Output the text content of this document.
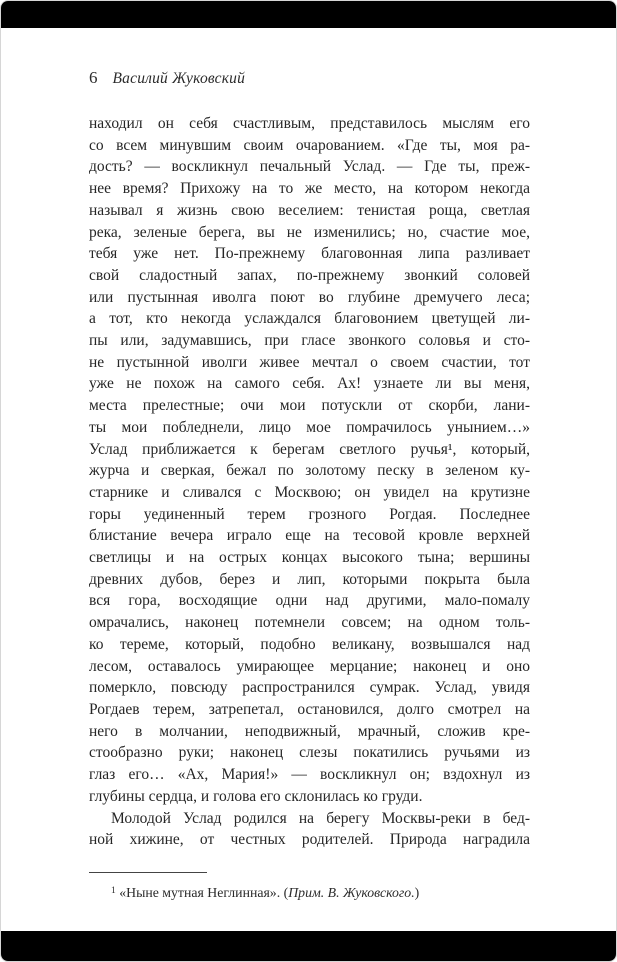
6 Василий Жуковский
находил он себя счастливым, представилось мыслям его
со всем минувшим своим очарованием. «Где ты, моя ра-
дость? — воскликнул печальный Услад. — Где ты, преж-
нее время? Прихожу на то же место, на котором некогда
называл я жизнь свою веселием: тенистая роща, светлая
река, зеленые берега, вы не изменились; но, счастие мое,
тебя уже нет. По-прежнему благовонная липа разливает
свой сладостный запах, по-прежнему звонкий соловей
или пустынная иволга поют во глубине дремучего леса;
а тот, кто некогда услаждался благовонием цветущей ли-
пы или, задумавшись, при гласе звонкого соловья и сто-
не пустынной иволги живее мечтал о своем счастии, тот
уже не похож на самого себя. Ах! узнаете ли вы меня,
места прелестные; очи мои потускли от скорби, лани-
ты мои побледнели, лицо мое помрачилось унынием…»
Услад приближается к берегам светлого ручья¹, который,
журча и сверкая, бежал по золотому песку в зеленом ку-
старнике и сливался с Москвою; он увидел на крутизне
горы уединенный терем грозного Рогдая. Последнее
блистание вечера играло еще на тесовой кровле верхней
светлицы и на острых концах высокого тына; вершины
древних дубов, берез и лип, которыми покрыта была
вся гора, восходящие одни над другими, мало-помалу
омрачались, наконец потемнели совсем; на одном толь-
ко тереме, который, подобно великану, возвышался над
лесом, оставалось умирающее мерцание; наконец и оно
померкло, повсюду распространился сумрак. Услад, увидя
Рогдаев терем, затрепетал, остановился, долго смотрел на
него в молчании, неподвижный, мрачный, сложив кре-
стообразно руки; наконец слезы покатились ручьями из
глаз его… «Ах, Мария!» — воскликнул он; вздохнул из
глубины сердца, и голова его склонилась ко груди.
Молодой Услад родился на берегу Москвы-реки в бед-
ной хижине, от честных родителей. Природа наградила
$^1$ «Ныне мутная Неглинная». (Прим. В. Жуковского.)
